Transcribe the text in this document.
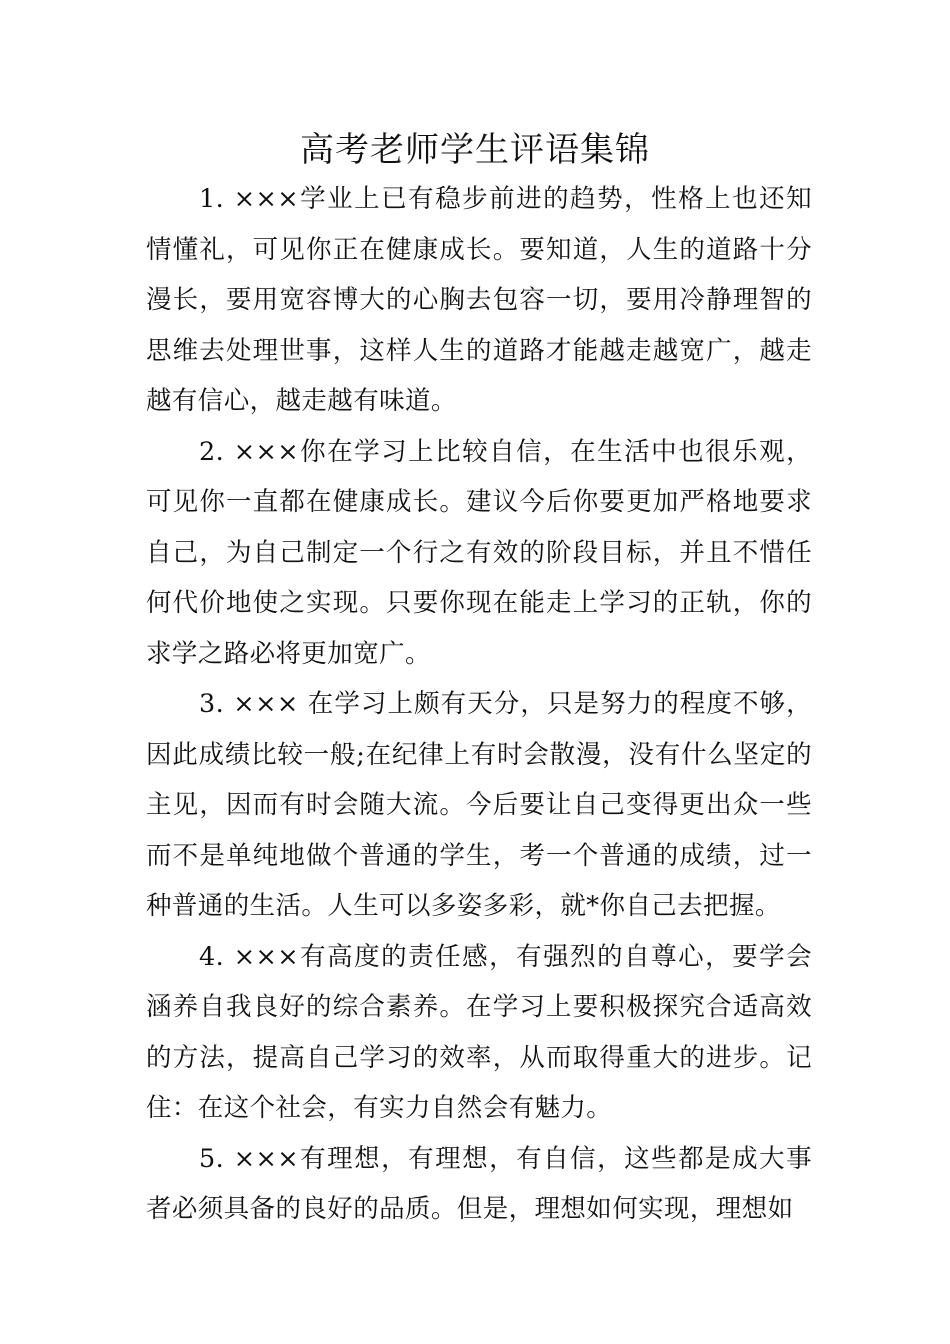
高考老师学生评语集锦

1. ×××学业上已有稳步前进的趋势，性格上也还知情懂礼，可见你正在健康成长。要知道，人生的道路十分漫长，要用宽容博大的心胸去包容一切，要用冷静理智的思维去处理世事，这样人生的道路才能越走越宽广，越走越有信心，越走越有味道。

2. ×××你在学习上比较自信，在生活中也很乐观，可见你一直都在健康成长。建议今后你要更加严格地要求自己，为自己制定一个行之有效的阶段目标，并且不惜任何代价地使之实现。只要你现在能走上学习的正轨，你的求学之路必将更加宽广。

3. ××× 在学习上颇有天分，只是努力的程度不够，因此成绩比较一般;在纪律上有时会散漫，没有什么坚定的主见，因而有时会随大流。今后要让自己变得更出众一些而不是单纯地做个普通的学生，考一个普通的成绩，过一种普通的生活。人生可以多姿多彩，就*你自己去把握。

4. ×××有高度的责任感，有强烈的自尊心，要学会涵养自我良好的综合素养。在学习上要积极探究合适高效的方法，提高自己学习的效率，从而取得重大的进步。记住：在这个社会，有实力自然会有魅力。

5. ×××有理想，有理想，有自信，这些都是成大事者必须具备的良好的品质。但是，理想如何实现，理想如
